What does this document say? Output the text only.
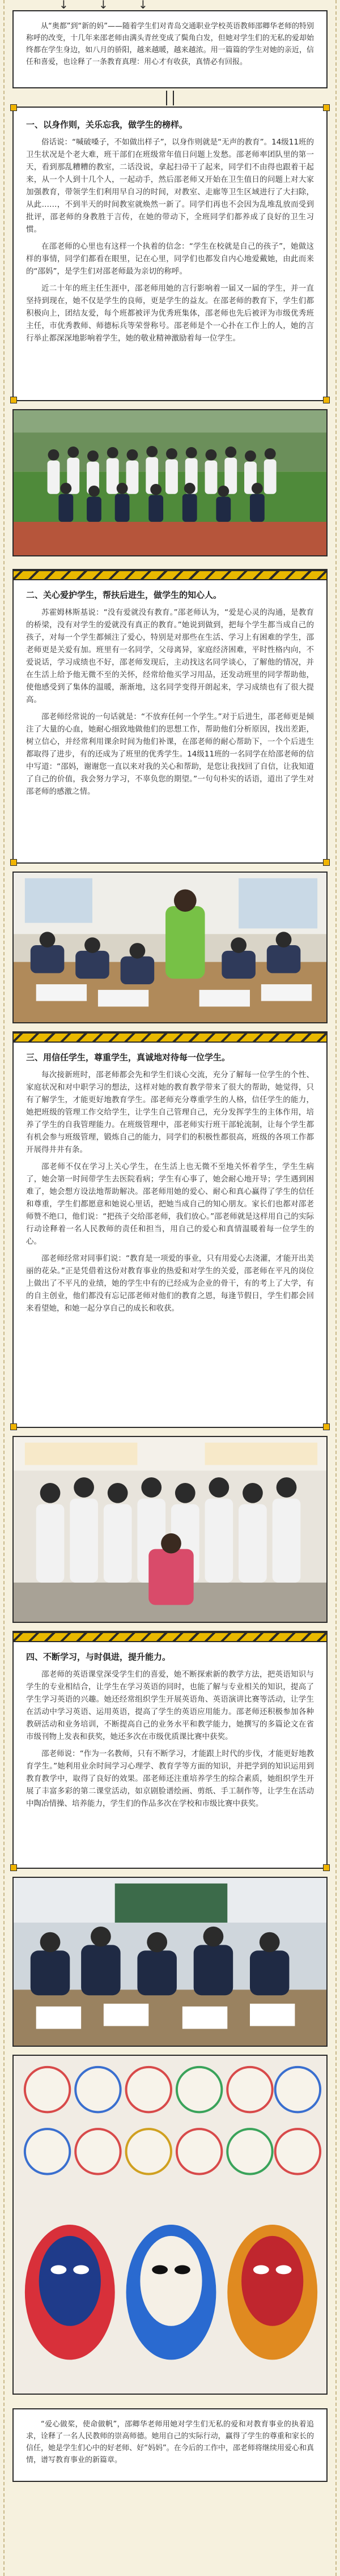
↓	↓	↓

从“奥都”到“新的妈”——随着学生们对青岛交通职业学校英语教师邵卿华老师的特别称呼的改变，十几年来邵老师由满头青丝变成了鬓角白发，但她对学生们的无私的爱却始终都在学生身边，如八月的骄阳，越来越暖，越来越浓。用一篇篇的学生对她的亲近，信任和喜爱，也诠释了一条教育真理：用心才有收获，真情必有回报。

一、以身作则，关乐忘我，做学生的榜样。

俗话说：“喊破嗓子，不如做出样子”，以身作则就是“无声的教育”。14级11班的卫生状况是个老大难，班干部们在班级常年值日问题上发愁。邵老师率团队里的第一天，看到那乱糟糟的教室，二话没说，拿起扫帚干了起来，同学们不由得也跟着干起来，从一个人到十几个人，一起动手，然后邵老师又开始在卫生值日的问题上对大家加强教育，带领学生们利用早自习的时间，对教室、走廊等卫生区域进行了大扫除，从此……，不到半天的时间教室就焕然一新了。同学们再也不会因为乱堆乱放而受到批评，邵老师的身教胜于言传，在她的带动下，全班同学们都养成了良好的卫生习惯。

在邵老师的心里也有这样一个执着的信念：“学生在校就是自己的孩子”，她做这样的事情，同学们都看在眼里，记在心里，同学们也都发自内心地爱戴她，由此而来的“邵妈”，是学生们对邵老师最为亲切的称呼。

近二十年的班主任生涯中，邵老师用她的言行影响着一届又一届的学生，并一直坚持到现在，她不仅是学生的良师，更是学生的益友。在邵老师的教育下，学生们都积极向上，团结友爱，每个班都被评为优秀班集体，邵老师也先后被评为市级优秀班主任，市优秀教师、师德标兵等荣誉称号。邵老师是个一心扑在工作上的人，她的言行举止都深深地影响着学生，她的敬业精神激励着每一位学生。

二、关心爱护学生，帮扶后进生，做学生的知心人。

苏霍姆林斯基说：“没有爱就没有教育。”邵老师认为，“爱是心灵的沟通，是教育的桥梁，没有对学生的爱就没有真正的教育。”她说到做到，把每个学生都当成自己的孩子，对每一个学生都倾注了爱心，特别是对那些在生活、学习上有困难的学生，邵老师更是关爱有加。班里有一名同学，父母离异，家庭经济困难，平时性格内向，不爱说话，学习成绩也不好，邵老师发现后，主动找这名同学谈心，了解他的情况，并在生活上给予他无微不至的关怀，经常给他买学习用品，还发动班里的同学帮助他，使他感受到了集体的温暖，渐渐地，这名同学变得开朗起来，学习成绩也有了很大提高。

邵老师经常说的一句话就是：“不放弃任何一个学生。”对于后进生，邵老师更是倾注了大量的心血，她耐心细致地做他们的思想工作，帮助他们分析原因，找出差距，树立信心，并经常利用课余时间为他们补课，在邵老师的耐心帮助下，一个个后进生都取得了进步，有的还成为了班里的优秀学生。14级11班的一名同学在给邵老师的信中写道：“邵妈，谢谢您一直以来对我的关心和帮助，是您让我找回了自信，让我知道了自己的价值，我会努力学习，不辜负您的期望。”一句句朴实的话语，道出了学生对邵老师的感激之情。

三、用信任学生，尊重学生，真诚地对待每一位学生。

每次接新班时，邵老师都会先和学生们谈心交流，充分了解每一位学生的个性、家庭状况和对中职学习的想法，这样对她的教育教学带来了很大的帮助，她觉得，只有了解学生，才能更好地教育学生。邵老师充分尊重学生的人格，信任学生的能力，她把班级的管理工作交给学生，让学生自己管理自己，充分发挥学生的主体作用，培养了学生的自我管理能力。在班级管理中，邵老师实行班干部轮流制，让每个学生都有机会参与班级管理，锻炼自己的能力，同学们的积极性都很高，班级的各项工作都开展得井井有条。

邵老师不仅在学习上关心学生，在生活上也无微不至地关怀着学生，学生生病了，她会第一时间带学生去医院看病；学生有心事了，她会耐心地开导；学生遇到困难了，她会想方设法地帮助解决。邵老师用她的爱心、耐心和真心赢得了学生的信任和尊重，学生们都愿意和她说心里话，把她当成自己的知心朋友。家长们也都对邵老师赞不绝口，他们说：“把孩子交给邵老师，我们放心。”邵老师就是这样用自己的实际行动诠释着一名人民教师的责任和担当，用自己的爱心和真情温暖着每一位学生的心。

邵老师经常对同事们说：“教育是一项爱的事业，只有用爱心去浇灌，才能开出美丽的花朵。”正是凭借着这份对教育事业的热爱和对学生的关爱，邵老师在平凡的岗位上做出了不平凡的业绩，她的学生中有的已经成为企业的骨干，有的考上了大学，有的自主创业，他们都没有忘记邵老师对他们的教育之恩，每逢节假日，学生们都会回来看望她，和她一起分享自己的成长和收获。

四、不断学习，与时俱进，提升能力。

邵老师的英语课堂深受学生们的喜爱，她不断探索新的教学方法，把英语知识与学生的专业相结合，让学生在学习英语的同时，也能了解与专业相关的知识，提高了学生学习英语的兴趣。她还经常组织学生开展英语角、英语演讲比赛等活动，让学生在活动中学习英语、运用英语，提高了学生的英语应用能力。邵老师还积极参加各种教研活动和业务培训，不断提高自己的业务水平和教学能力，她撰写的多篇论文在省市级刊物上发表和获奖，她还多次在市级优质课比赛中获奖。

邵老师说：“作为一名教师，只有不断学习，才能跟上时代的步伐，才能更好地教育学生。”她利用业余时间学习心理学、教育学等方面的知识，并把学到的知识运用到教育教学中，取得了良好的效果。邵老师还注重培养学生的综合素质，她组织学生开展了丰富多彩的第二课堂活动，如京剧脸谱绘画、剪纸、手工制作等，让学生在活动中陶冶情操、培养能力，学生们的作品多次在学校和市级比赛中获奖。

“爱心做桨，使命做帆”，邵卿华老师用她对学生们无私的爱和对教育事业的执着追求，诠释了一名人民教师的崇高师德。她用自己的实际行动，赢得了学生的尊重和家长的信任，她是学生们心中的好老师、好“妈妈”。在今后的工作中，邵老师将继续用爱心和真情，谱写教育事业的新篇章。
